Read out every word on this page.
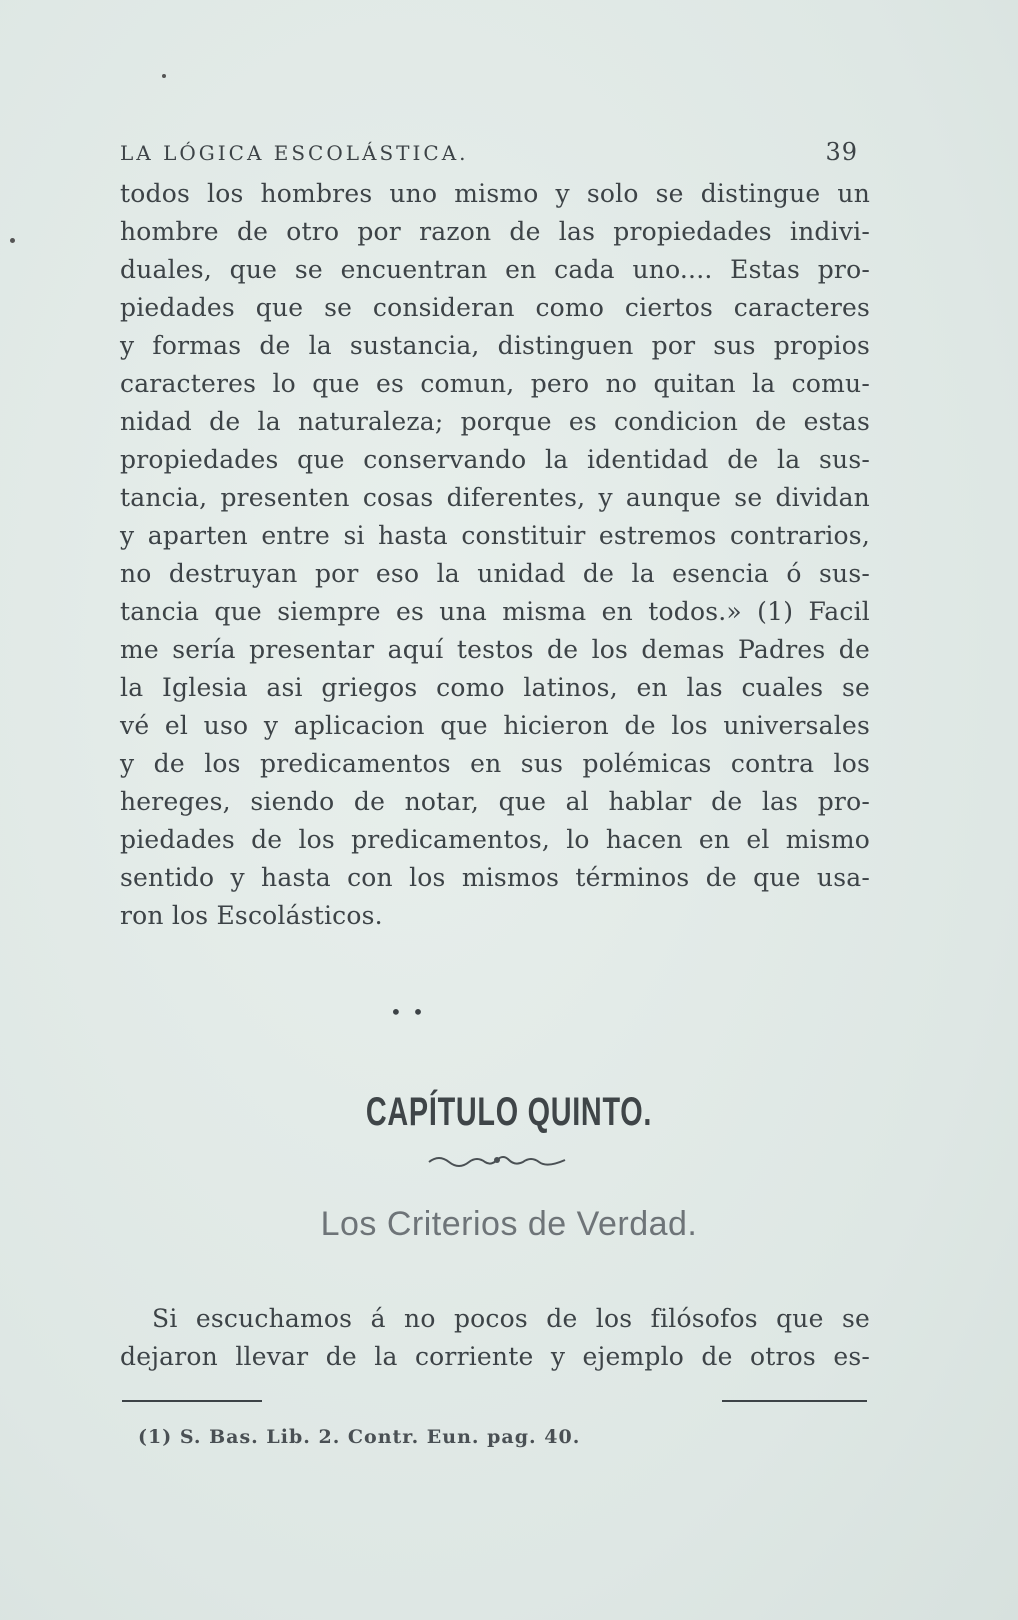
LA LÓGICA ESCOLÁSTICA.	39
todos los hombres uno mismo y solo se distingue un
hombre de otro por razon de las propiedades indivi-
duales, que se encuentran en cada uno.... Estas pro-
piedades que se consideran como ciertos caracteres
y formas de la sustancia, distinguen por sus propios
caracteres lo que es comun, pero no quitan la comu-
nidad de la naturaleza; porque es condicion de estas
propiedades que conservando la identidad de la sus-
tancia, presenten cosas diferentes, y aunque se dividan
y aparten entre si hasta constituir estremos contrarios,
no destruyan por eso la unidad de la esencia ó sus-
tancia que siempre es una misma en todos.» (1) Facil
me sería presentar aquí testos de los demas Padres de
la Iglesia asi griegos como latinos, en las cuales se
vé el uso y aplicacion que hicieron de los universales
y de los predicamentos en sus polémicas contra los
hereges, siendo de notar, que al hablar de las pro-
piedades de los predicamentos, lo hacen en el mismo
sentido y hasta con los mismos términos de que usa-
ron los Escolásticos.
• •
CAPÍTULO QUINTO.
Los Criterios de Verdad.
Si escuchamos á no pocos de los filósofos que se
dejaron llevar de la corriente y ejemplo de otros es-
(1) S. Bas. Lib. 2. Contr. Eun. pag. 40.
